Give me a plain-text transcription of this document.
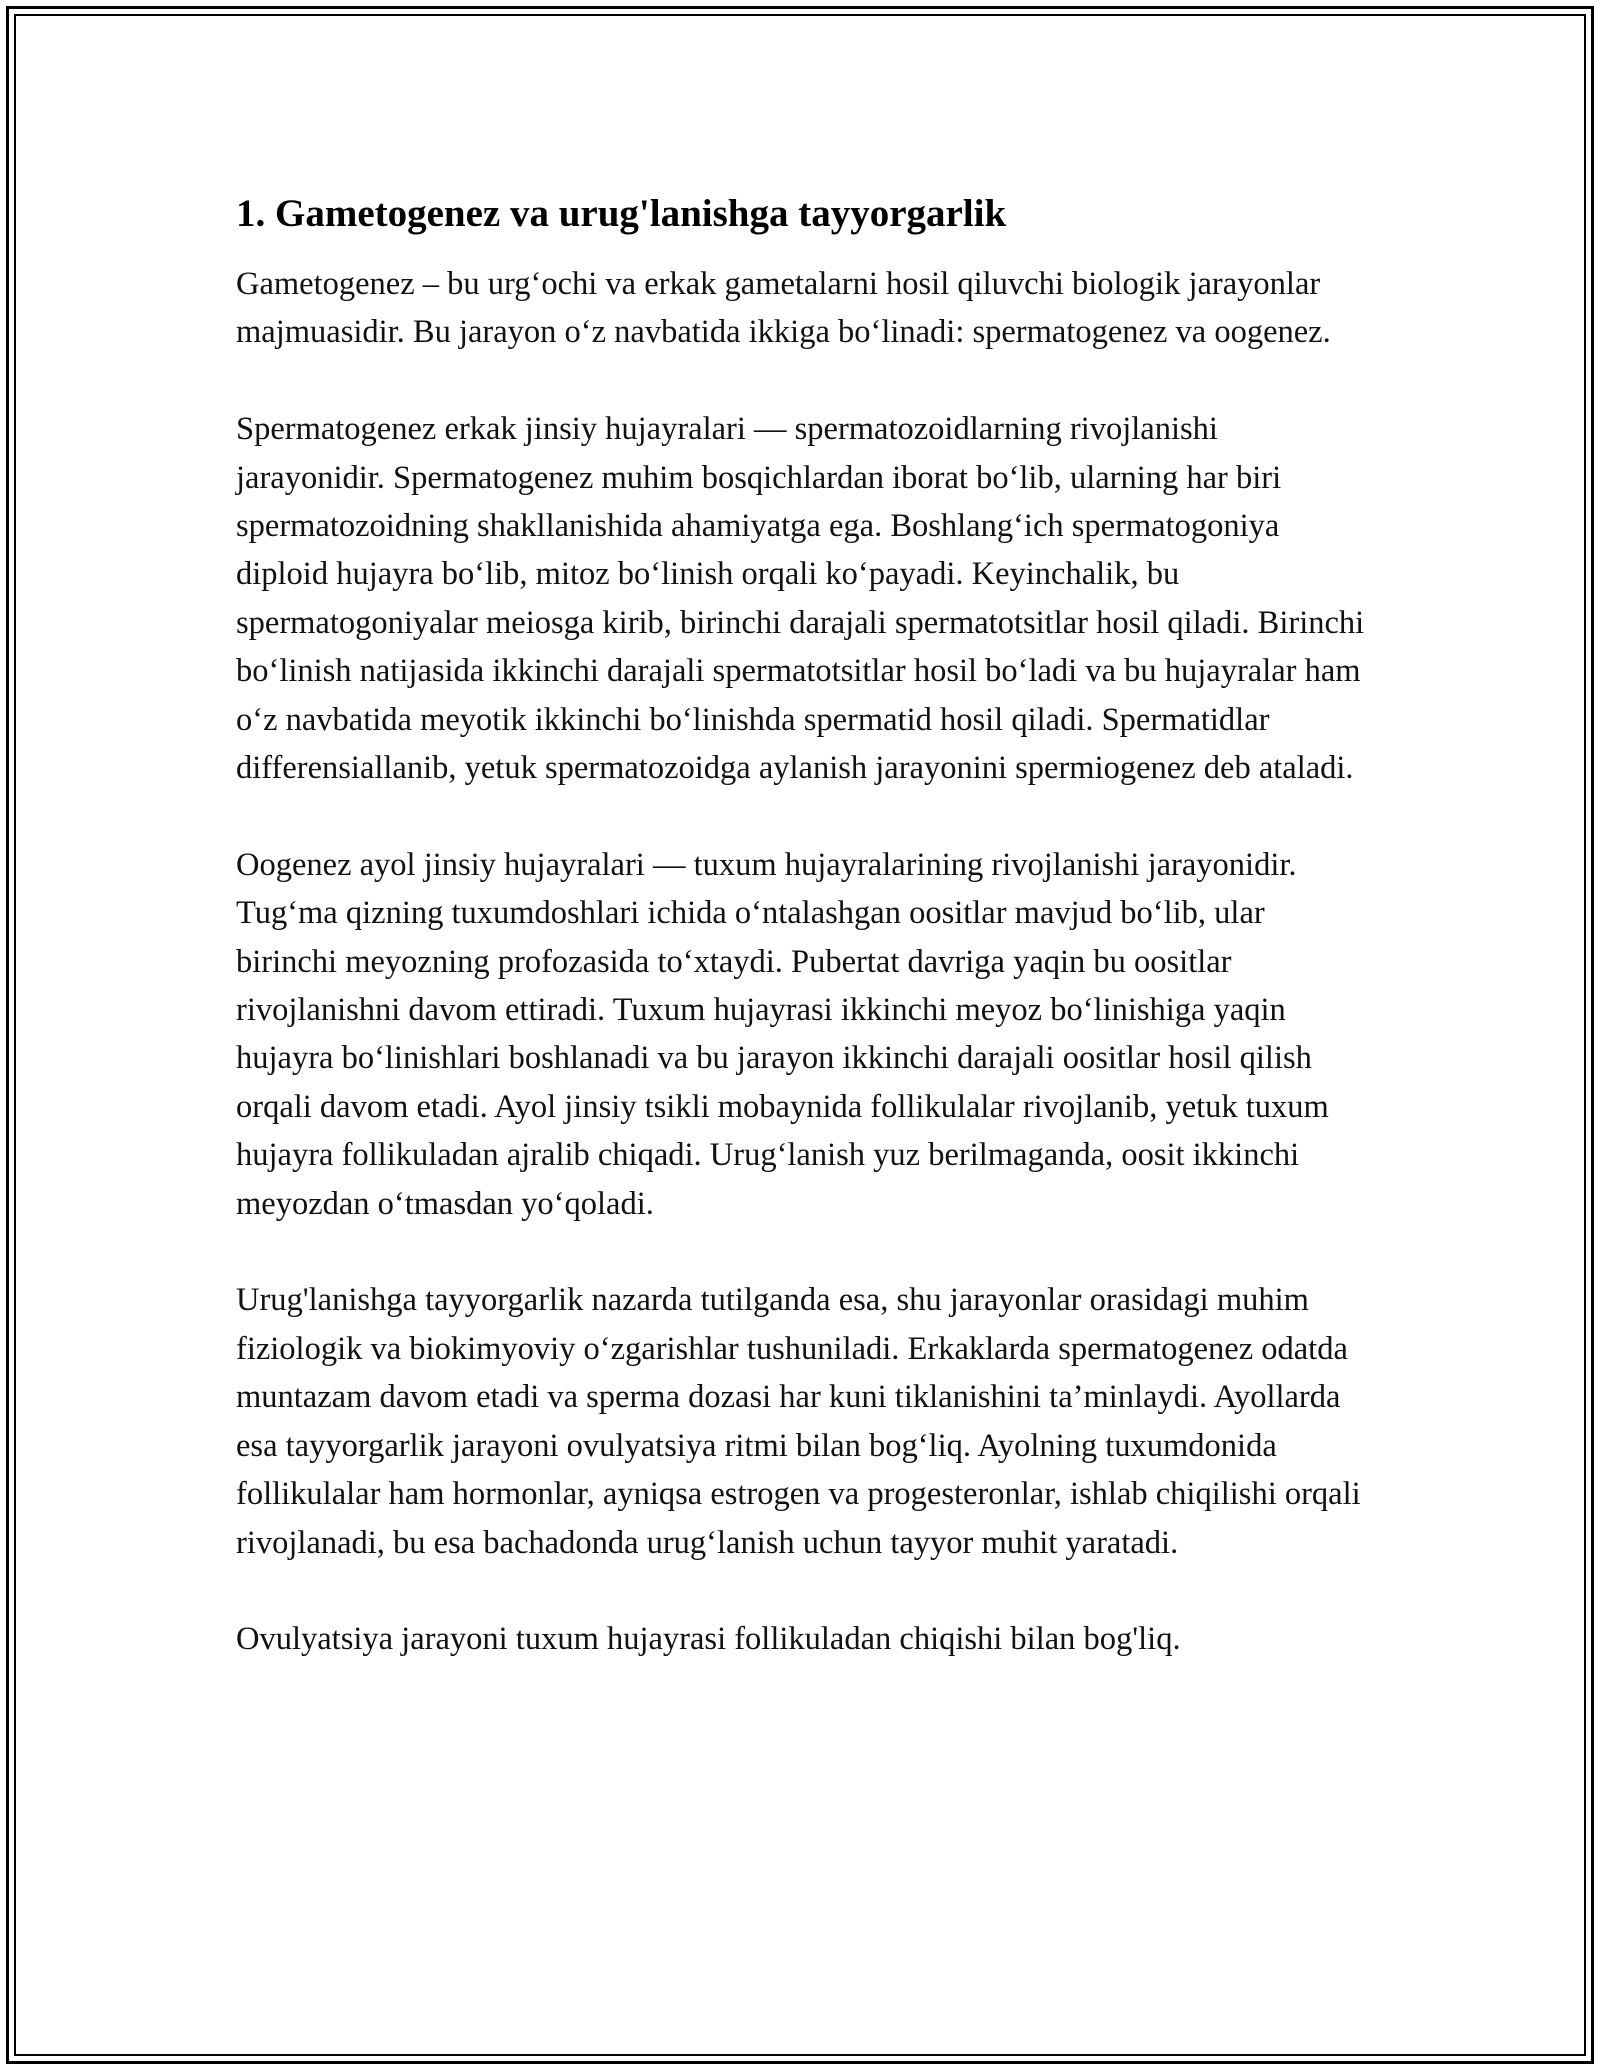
1. Gametogenez va urug'lanishga tayyorgarlik

Gametogenez – bu urg‘ochi va erkak gametalarni hosil qiluvchi biologik jarayonlar majmuasidir. Bu jarayon o‘z navbatida ikkiga bo‘linadi: spermatogenez va oogenez.

Spermatogenez erkak jinsiy hujayralari — spermatozoidlarning rivojlanishi jarayonidir. Spermatogenez muhim bosqichlardan iborat bo‘lib, ularning har biri spermatozoidning shakllanishida ahamiyatga ega. Boshlang‘ich spermatogoniya diploid hujayra bo‘lib, mitoz bo‘linish orqali ko‘payadi. Keyinchalik, bu spermatogoniyalar meiosga kirib, birinchi darajali spermatotsitlar hosil qiladi. Birinchi bo‘linish natijasida ikkinchi darajali spermatotsitlar hosil bo‘ladi va bu hujayralar ham o‘z navbatida meyotik ikkinchi bo‘linishda spermatid hosil qiladi. Spermatidlar differensiallanib, yetuk spermatozoidga aylanish jarayonini spermiogenez deb ataladi.

Oogenez ayol jinsiy hujayralari — tuxum hujayralarining rivojlanishi jarayonidir. Tug‘ma qizning tuxumdoshlari ichida o‘ntalashgan oositlar mavjud bo‘lib, ular birinchi meyozning profozasida to‘xtaydi. Pubertat davriga yaqin bu oositlar rivojlanishni davom ettiradi. Tuxum hujayrasi ikkinchi meyoz bo‘linishiga yaqin hujayra bo‘linishlari boshlanadi va bu jarayon ikkinchi darajali oositlar hosil qilish orqali davom etadi. Ayol jinsiy tsikli mobaynida follikulalar rivojlanib, yetuk tuxum hujayra follikuladan ajralib chiqadi. Urug‘lanish yuz berilmaganda, oosit ikkinchi meyozdan o‘tmasdan yo‘qoladi.

Urug'lanishga tayyorgarlik nazarda tutilganda esa, shu jarayonlar orasidagi muhim fiziologik va biokimyoviy o‘zgarishlar tushuniladi. Erkaklarda spermatogenez odatda muntazam davom etadi va sperma dozasi har kuni tiklanishini ta’minlaydi. Ayollarda esa tayyorgarlik jarayoni ovulyatsiya ritmi bilan bog‘liq. Ayolning tuxumdonida follikulalar ham hormonlar, ayniqsa estrogen va progesteronlar, ishlab chiqilishi orqali rivojlanadi, bu esa bachadonda urug‘lanish uchun tayyor muhit yaratadi.

Ovulyatsiya jarayoni tuxum hujayrasi follikuladan chiqishi bilan bog'liq.
